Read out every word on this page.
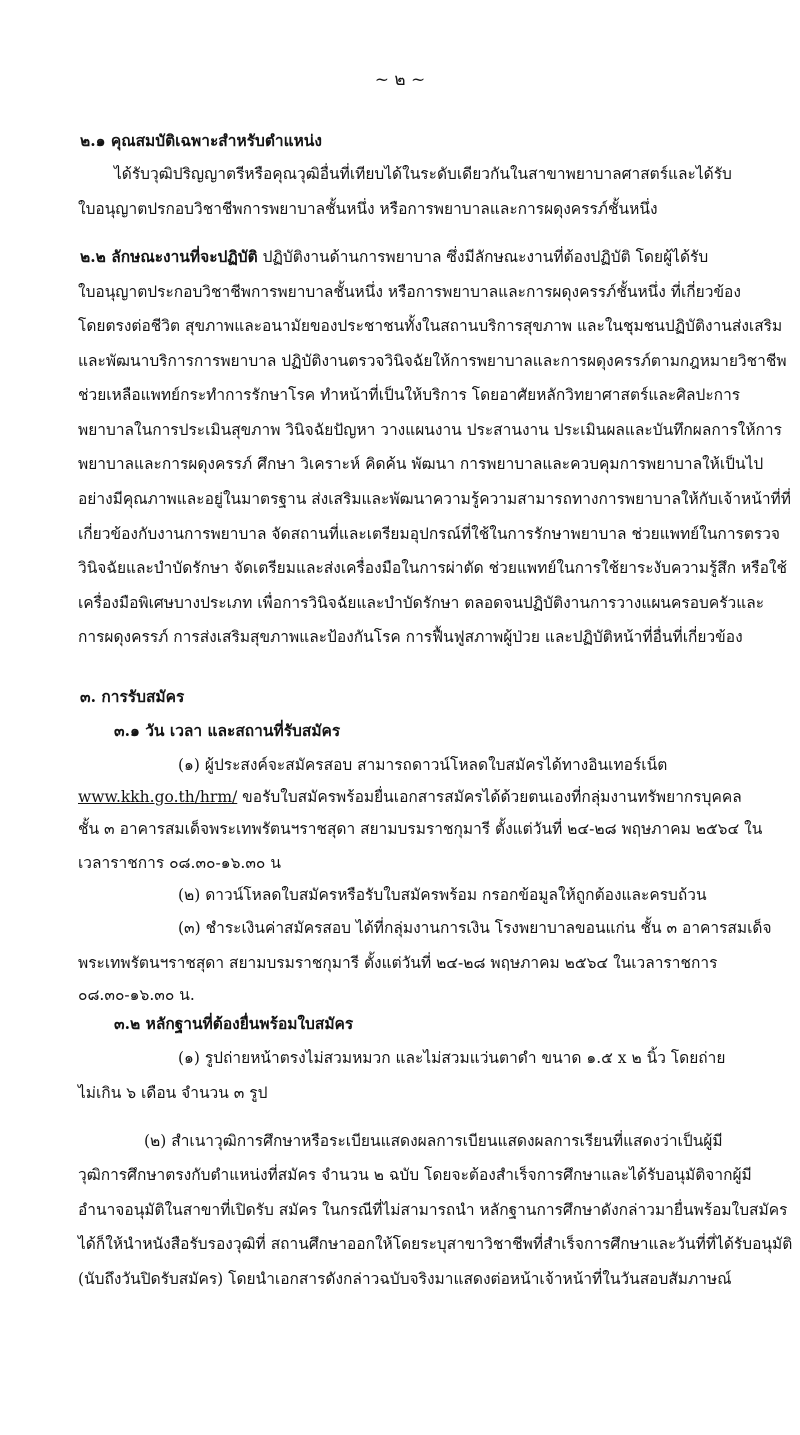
~ ๒ ~
๒.๑ คุณสมบัติเฉพาะสำหรับตำแหน่ง
ได้รับวุฒิปริญญาตรีหรือคุณวุฒิอื่นที่เทียบได้ในระดับเดียวกันในสาขาพยาบาลศาสตร์และได้รับ
ใบอนุญาตปรกอบวิชาชีพการพยาบาลชั้นหนึ่ง หรือการพยาบาลและการผดุงครรภ์ชั้นหนึ่ง
๒.๒ ลักษณะงานที่จะปฏิบัติ ปฏิบัติงานด้านการพยาบาล ซึ่งมีลักษณะงานที่ต้องปฏิบัติ โดยผู้ได้รับ
ใบอนุญาตประกอบวิชาชีพการพยาบาลชั้นหนึ่ง หรือการพยาบาลและการผดุงครรภ์ชั้นหนึ่ง ที่เกี่ยวข้อง
โดยตรงต่อชีวิต สุขภาพและอนามัยของประชาชนทั้งในสถานบริการสุขภาพ และในชุมชนปฏิบัติงานส่งเสริม
และพัฒนาบริการการพยาบาล ปฏิบัติงานตรวจวินิจฉัยให้การพยาบาลและการผดุงครรภ์ตามกฎหมายวิชาชีพ
ช่วยเหลือแพทย์กระทำการรักษาโรค ทำหน้าที่เป็นให้บริการ โดยอาศัยหลักวิทยาศาสตร์และศิลปะการ
พยาบาลในการประเมินสุขภาพ วินิจฉัยปัญหา วางแผนงาน ประสานงาน ประเมินผลและบันทึกผลการให้การ
พยาบาลและการผดุงครรภ์ ศึกษา วิเคราะห์ คิดค้น พัฒนา การพยาบาลและควบคุมการพยาบาลให้เป็นไป
อย่างมีคุณภาพและอยู่ในมาตรฐาน ส่งเสริมและพัฒนาความรู้ความสามารถทางการพยาบาลให้กับเจ้าหน้าที่ที่
เกี่ยวข้องกับงานการพยาบาล จัดสถานที่และเตรียมอุปกรณ์ที่ใช้ในการรักษาพยาบาล ช่วยแพทย์ในการตรวจ
วินิจฉัยและบำบัดรักษา จัดเตรียมและส่งเครื่องมือในการผ่าตัด ช่วยแพทย์ในการใช้ยาระงับความรู้สึก หรือใช้
เครื่องมือพิเศษบางประเภท เพื่อการวินิจฉัยและบำบัดรักษา ตลอดจนปฏิบัติงานการวางแผนครอบครัวและ
การผดุงครรภ์ การส่งเสริมสุขภาพและป้องกันโรค การฟื้นฟูสภาพผู้ป่วย และปฏิบัติหน้าที่อื่นที่เกี่ยวข้อง
๓. การรับสมัคร
๓.๑ วัน เวลา และสถานที่รับสมัคร
(๑) ผู้ประสงค์จะสมัครสอบ สามารถดาวน์โหลดใบสมัครได้ทางอินเทอร์เน็ต
www.kkh.go.th/hrm/ ขอรับใบสมัครพร้อมยื่นเอกสารสมัครได้ด้วยตนเองที่กลุ่มงานทรัพยากรบุคคล
ชั้น ๓ อาคารสมเด็จพระเทพรัตนฯราชสุดา สยามบรมราชกุมารี ตั้งแต่วันที่ ๒๔-๒๘ พฤษภาคม ๒๕๖๔ ใน
เวลาราชการ ๐๘.๓๐-๑๖.๓๐ น
(๒) ดาวน์โหลดใบสมัครหรือรับใบสมัครพร้อม กรอกข้อมูลให้ถูกต้องและครบถ้วน
(๓) ชำระเงินค่าสมัครสอบ ได้ที่กลุ่มงานการเงิน โรงพยาบาลขอนแก่น ชั้น ๓ อาคารสมเด็จ
พระเทพรัตนฯราชสุดา สยามบรมราชกุมารี ตั้งแต่วันที่ ๒๔-๒๘ พฤษภาคม ๒๕๖๔ ในเวลาราชการ
๐๘.๓๐-๑๖.๓๐ น.
๓.๒ หลักฐานที่ต้องยื่นพร้อมใบสมัคร
(๑) รูปถ่ายหน้าตรงไม่สวมหมวก และไม่สวมแว่นตาดำ ขนาด ๑.๕ x ๒ นิ้ว โดยถ่าย
ไม่เกิน ๖ เดือน จำนวน ๓ รูป
(๒) สำเนาวุฒิการศึกษาหรือระเบียนแสดงผลการเบียนแสดงผลการเรียนที่แสดงว่าเป็นผู้มี
วุฒิการศึกษาตรงกับตำแหน่งที่สมัคร จำนวน ๒ ฉบับ โดยจะต้องสำเร็จการศึกษาและได้รับอนุมัติจากผู้มี
อำนาจอนุมัติในสาขาที่เปิดรับ สมัคร ในกรณีที่ไม่สามารถนำ หลักฐานการศึกษาดังกล่าวมายื่นพร้อมใบสมัคร
ได้ก็ให้นำหนังสือรับรองวุฒิที่ สถานศึกษาออกให้โดยระบุสาขาวิชาชีพที่สำเร็จการศึกษาและวันที่ที่ได้รับอนุมัติ
(นับถึงวันปิดรับสมัคร) โดยนำเอกสารดังกล่าวฉบับจริงมาแสดงต่อหน้าเจ้าหน้าที่ในวันสอบสัมภาษณ์
